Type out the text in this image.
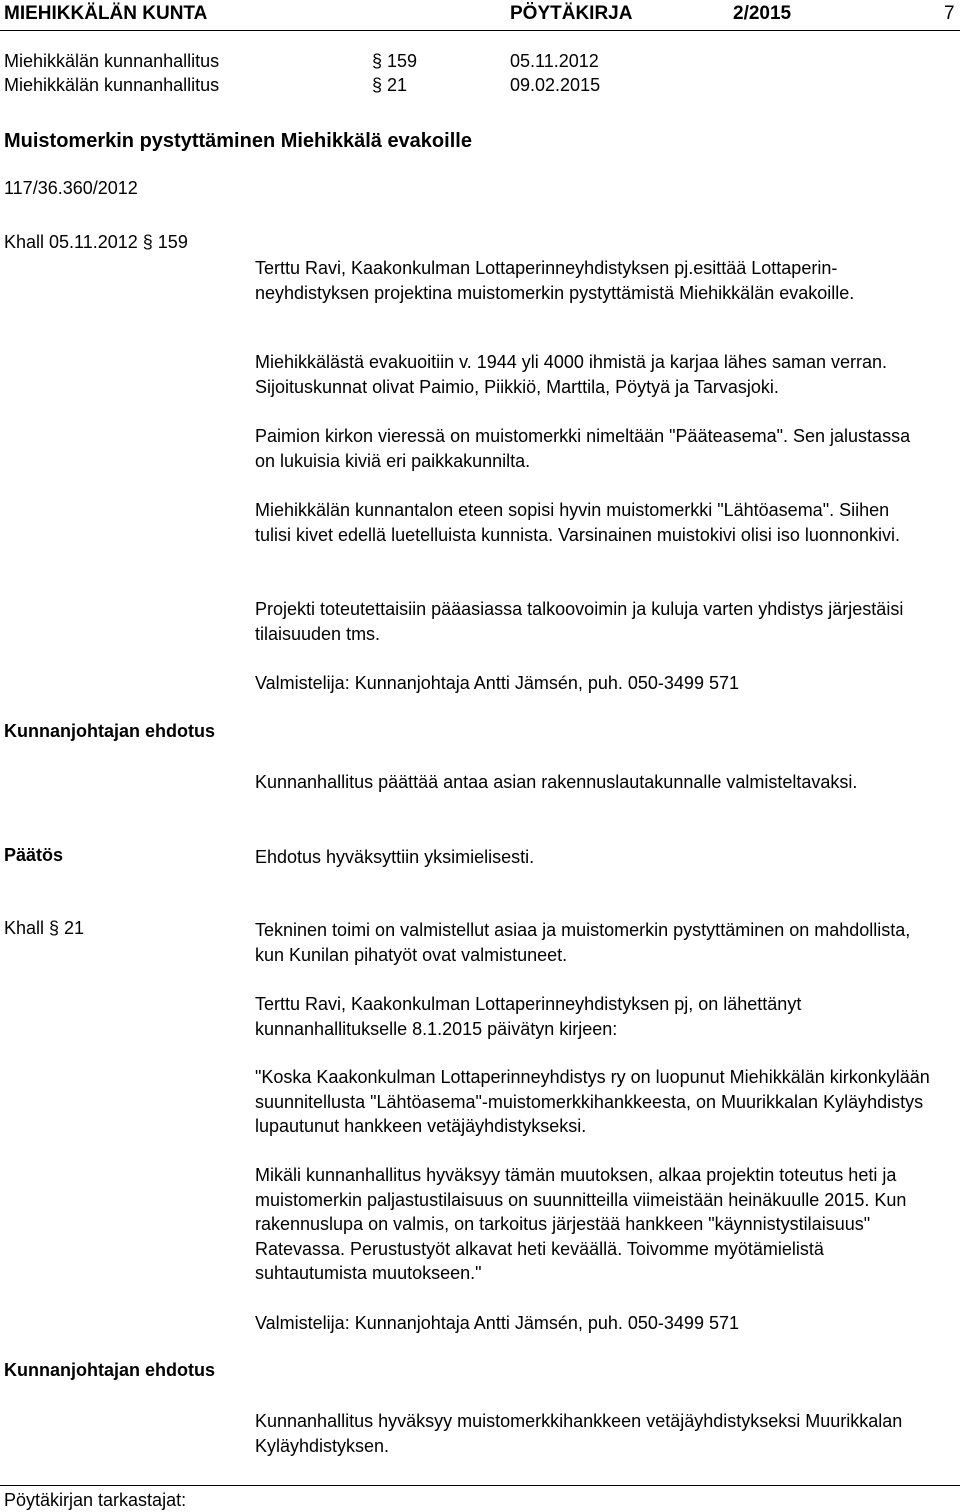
MIEHIKKÄLÄN KUNTA	PÖYTÄKIRJA	2/2015	7
Miehikkälän kunnanhallitus	§ 159	05.11.2012
Miehikkälän kunnanhallitus	§ 21	09.02.2015
Muistomerkin pystyttäminen Miehikkälä evakoille
117/36.360/2012
Khall 05.11.2012 § 159

Terttu Ravi, Kaakonkulman Lottaperinneyhdistyksen pj.esittää Lottaperinneyhdistyksen projektina muistomerkin pystyttämistä Miehikkälän evakoille.

Miehikkälästä evakuoitiin v. 1944 yli 4000 ihmistä ja karjaa lähes saman verran. Sijoituskunnat olivat Paimio, Piikkiö, Marttila, Pöytyä ja Tarvasjoki.

Paimion kirkon vieressä on muistomerkki nimeltään "Pääteasema". Sen jalustassa on lukuisia kiviä eri paikkakunnilta.

Miehikkälän kunnantalon eteen sopisi hyvin muistomerkki "Lähtöasema". Siihen tulisi kivet edellä luetelluista kunnista. Varsinainen muistokivi olisi iso luonnonkivi.

Projekti toteutettaisiin pääasiassa talkoovoimin ja kuluja varten yhdistys järjestäisi tilaisuuden tms.

Valmistelija: Kunnanjohtaja Antti Jämsén, puh. 050-3499 571

Kunnanjohtajan ehdotus

Kunnanhallitus päättää antaa asian rakennuslautakunnalle valmisteltavaksi.

Päätös	Ehdotus hyväksyttiin yksimielisesti.

Khall § 21	Tekninen toimi on valmistellut asiaa ja muistomerkin pystyttäminen on mahdollista, kun Kunilan pihatyöt ovat valmistuneet.

Terttu Ravi, Kaakonkulman Lottaperinneyhdistyksen pj, on lähettänyt kunnanhallitukselle 8.1.2015 päivätyn kirjeen:

"Koska Kaakonkulman Lottaperinneyhdistys ry on luopunut Miehikkälän kirkonkylään suunnitellusta "Lähtöasema"-muistomerkkihankkeesta, on Muurikkalan Kyläyhdistys lupautunut hankkeen vetäjäyhdistykseksi.

Mikäli kunnanhallitus hyväksyy tämän muutoksen, alkaa projektin toteutus heti ja muistomerkin paljastustilaisuus on suunnitteilla viimeistään heinäkuulle 2015. Kun rakennuslupa on valmis, on tarkoitus järjestää hankkeen "käynnistystilaisuus" Ratevassa. Perustustyöt alkavat heti keväällä. Toivomme myötämielistä suhtautumista muutokseen."

Valmistelija: Kunnanjohtaja Antti Jämsén, puh. 050-3499 571

Kunnanjohtajan ehdotus

Kunnanhallitus hyväksyy muistomerkkihankkeen vetäjäyhdistykseksi Muurikkalan Kyläyhdistyksen.

Pöytäkirjan tarkastajat:
